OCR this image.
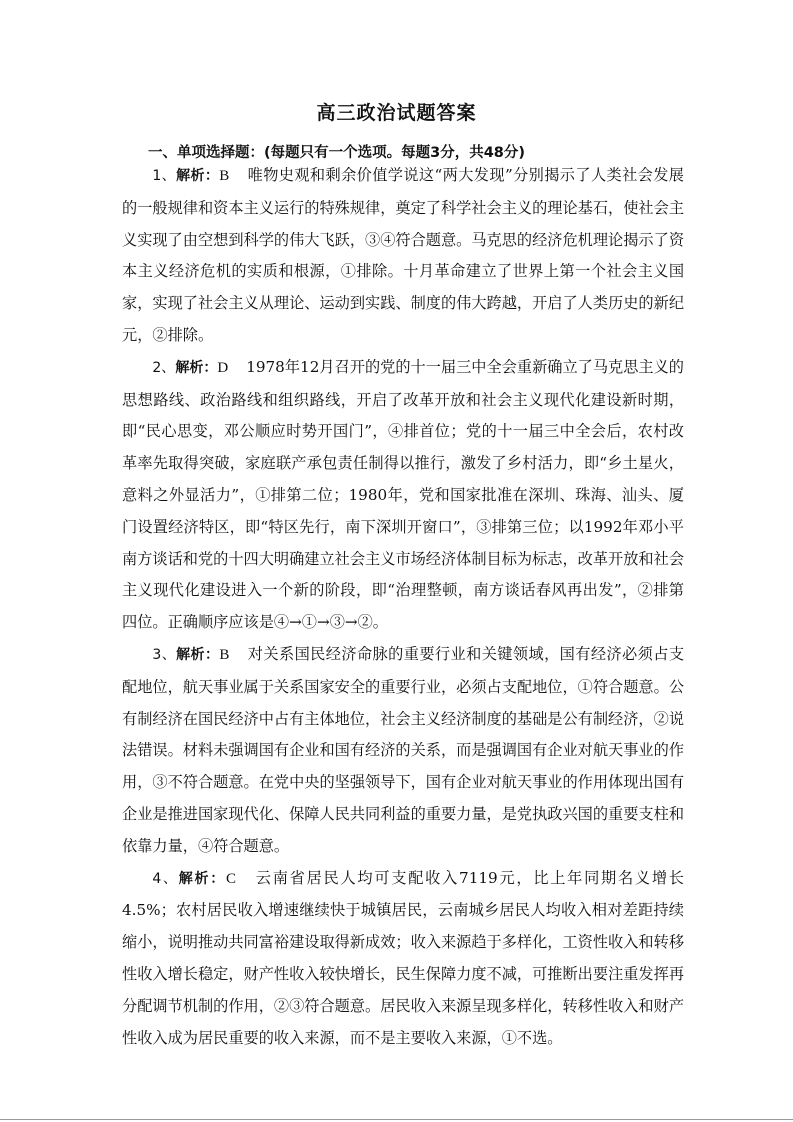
高三政治试题答案
一、单项选择题：(每题只有一个选项。每题3分，共48分)

1、解析：B 唯物史观和剩余价值学说这“两大发现”分别揭示了人类社会发展的一般规律和资本主义运行的特殊规律，奠定了科学社会主义的理论基石，使社会主义实现了由空想到科学的伟大飞跃，③④符合题意。马克思的经济危机理论揭示了资本主义经济危机的实质和根源，①排除。十月革命建立了世界上第一个社会主义国家，实现了社会主义从理论、运动到实践、制度的伟大跨越，开启了人类历史的新纪元，②排除。

2、解析：D 1978年12月召开的党的十一届三中全会重新确立了马克思主义的思想路线、政治路线和组织路线，开启了改革开放和社会主义现代化建设新时期，即“民心思变，邓公顺应时势开国门”，④排首位；党的十一届三中全会后，农村改革率先取得突破，家庭联产承包责任制得以推行，激发了乡村活力，即“乡土星火，意料之外显活力”，①排第二位；1980年，党和国家批准在深圳、珠海、汕头、厦门设置经济特区，即“特区先行，南下深圳开窗口”，③排第三位；以1992年邓小平南方谈话和党的十四大明确建立社会主义市场经济体制目标为标志，改革开放和社会主义现代化建设进入一个新的阶段，即“治理整顿，南方谈话春风再出发”，②排第四位。正确顺序应该是④→①→③→②。

3、解析：B 对关系国民经济命脉的重要行业和关键领域，国有经济必须占支配地位，航天事业属于关系国家安全的重要行业，必须占支配地位，①符合题意。公有制经济在国民经济中占有主体地位，社会主义经济制度的基础是公有制经济，②说法错误。材料未强调国有企业和国有经济的关系，而是强调国有企业对航天事业的作用，③不符合题意。在党中央的坚强领导下，国有企业对航天事业的作用体现出国有企业是推进国家现代化、保障人民共同利益的重要力量，是党执政兴国的重要支柱和依靠力量，④符合题意。

4、解析：C 云南省居民人均可支配收入7119元，比上年同期名义增长4.5%；农村居民收入增速继续快于城镇居民，云南城乡居民人均收入相对差距持续缩小，说明推动共同富裕建设取得新成效；收入来源趋于多样化，工资性收入和转移性收入增长稳定，财产性收入较快增长，民生保障力度不减，可推断出要注重发挥再分配调节机制的作用，②③符合题意。居民收入来源呈现多样化，转移性收入和财产性收入成为居民重要的收入来源，而不是主要收入来源，①不选。
